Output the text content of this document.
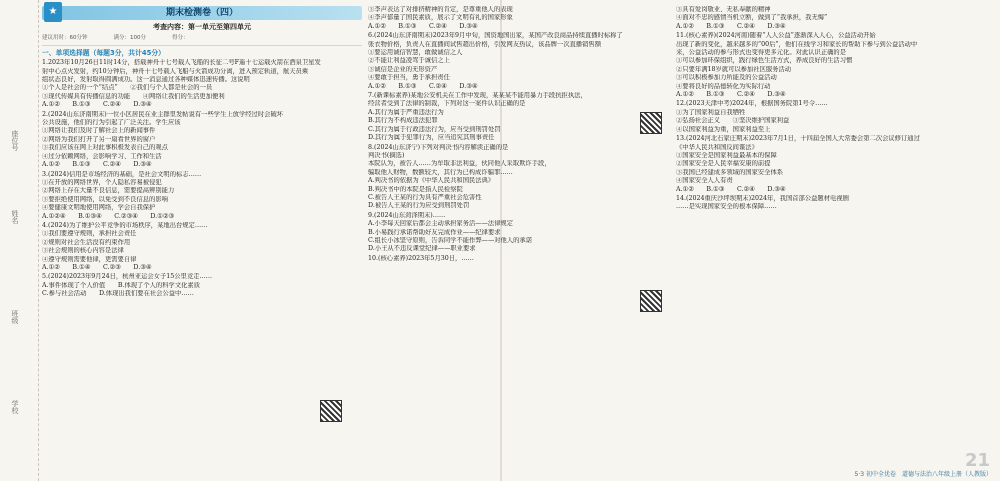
座位号
姓名
班级
学校
★	期末检测卷（四）

考查内容：第一单元至第四单元

建议用时：60分钟	满分：100分	得分：

一、单项选择题（每题3分，共计45分）

1.2023年10月26日11时14分，搭载神舟十七号载人飞船的长征二号F遥十七运载火箭在酒泉卫星发

射中心点火发射，约10分钟后，神舟十七号载人飞船与火箭成功分离，进入预定轨道，航天员乘

组状态良好，发射取得圆满成功。这一消息通过各种媒体迅速传播。这说明

①个人是社会的一个“结点”　　②我们与个人都是社会的一员

③现代传媒具有传播信息的功能　　④网络让我们的生活更加便利

A.①②　　B.①③　　C.②④　　D.③④

2.(2024山东济南期末)一位小区居民在业主群里发帖说有一些学生上放学经过时会破坏

公共设施，他们的行为引起了广泛关注。学生应该

①网络让我们及时了解社会上的新闻事件

②网络为我们打开了另一扇看世界的窗户

③我们应该在网上对此事积极发表自己的观点

④过分依赖网络，会影响学习、工作和生活

A.①②　　B.①③　　C.②④　　D.③④

3.(2024)信用是市场经济的基础，是社会文明的标志……

①在开放的网络世界，个人隐私容易被侵犯

②网络上存在大量不良信息，需要提高辨别能力

③要拒绝使用网络，以免受到不良信息的影响

④要健康文明地使用网络，学会自我保护

A.①②④　　B.①③④　　C.②③④　　D.①②③

4.(2024)为了维护公平竞争的市场秩序，某地出台规定……

①我们要遵守规则，承担社会责任

②规则对社会生活没有约束作用

③社会规则的核心内容是法律

④遵守规则需要他律，更需要自律

A.①②　　B.①④　　C.②③　　D.③④

5.(2024)2023年9月24日，杭州亚运会女子15公里竞走……

A.事件体现了个人价值　　B.体现了个人的科学文化素质

C.参与社会活动　　D.体现出我们要在社会公益中……

③李声表达了对排挤精神的肯定，是尊重他人的表现

④李声郁量了国民素质，展示了文明有礼的国家形象

A.①②　　B.①③　　C.②④　　D.③④

6.(2024山东济南期末)2023年9月中旬，国资地国出家，某国产改良商品持续直播时标称了

张衣物价格，负责人在直播间试售超出价格，引发网友热议，该品牌一次直播销售额

①要运用诚信智慧，敢做诚信之人

②不能让利益凌驾于诚信之上

③诚信是企业的无形资产

④要敢于担当，勇于承担责任

A.①②　　B.①③　　C.②④　　D.③④

7.(新课标素养)某地公安机关在工作中发现，某某某不能用暴力手段抗拒执法，

经营者受到了法律的制裁，下列对这一案件认识正确的是

A.其行为属于严重违法行为

B.其行为不构成违法犯罪

C.其行为属于行政违法行为，应当受到刑罚处罚

D.其行为属于犯罪行为，应当追究其刑事责任

8.(2024山东济宁)下列对判决书内容解读正确的是

判决书(摘选)

本院认为，被告人……为牟取非法利益，伙同他人采取欺诈手段，

骗取他人财物，数额较大，其行为已构成诈骗罪……

A.判决书的依据为《中华人民共和国民法典》

B.判决书中的本院是指人民检察院

C.被告人王某的行为具有严重社会危害性

D.被告人王某的行为应受到刑罚处罚

9.(2024山东菏泽期末)……

A.小李每天回家后都会主动承担家务活——法律规定

B.小易践行承诺帮助好友完成作业——纪律要求

C.组长小冰坚守原则，告诉同学不能作弊——对他人的承诺

D.小王从不违反课堂纪律——职业要求

10.(核心素养)2023年5月30日，……

③具有爱岗敬业、无私奉献的精神

④面对不忠的感情当机立断，做到了“我承担，我无悔”

A.①②　　B.①③　　C.②④　　D.③④

11.(核心素养)(2024河南)随着“人人公益”逐渐深入人心，公益活动开始

出现了新的变化，越来越多的“00后”，他们在线学习和家长的帮助下参与到公益活动中

来，公益活动的参与形式也变得更多元化。对此认识正确的是

①可以参加环保组织，践行绿色生活方式，养成良好的生活习惯

②只要年满18岁就可以参加社区服务活动

③可以积极参加力所能及的公益活动

④要将良好的品德转化为实际行动

A.①②　　B.①③　　C.②④　　D.③④

12.(2023天津中考)2024年，根据国务院第1号令……

①为了国家利益自我牺牲

②弘扬社会正义　　③坚决维护国家利益

④以国家利益为重，国家利益至上

13.(2024河北石家庄期末)2023年7月1日，十四届全国人大常委会第二次会议修订通过

《中华人民共和国反间谍法》

①国家安全是国家利益最基本的保障

②国家安全是人民幸福安康的前提

③我国已经建成多领域的国家安全体系

④国家安全人人有责

A.①②　　B.①③　　C.②④　　D.③④

14.(2024重庆沙坪坝期末)2024年，我国首部公益题材电视剧

……是实现国家安全的根本保障……

5·3 初中全优卷 道德与法治八年级上册（人教版）
21
